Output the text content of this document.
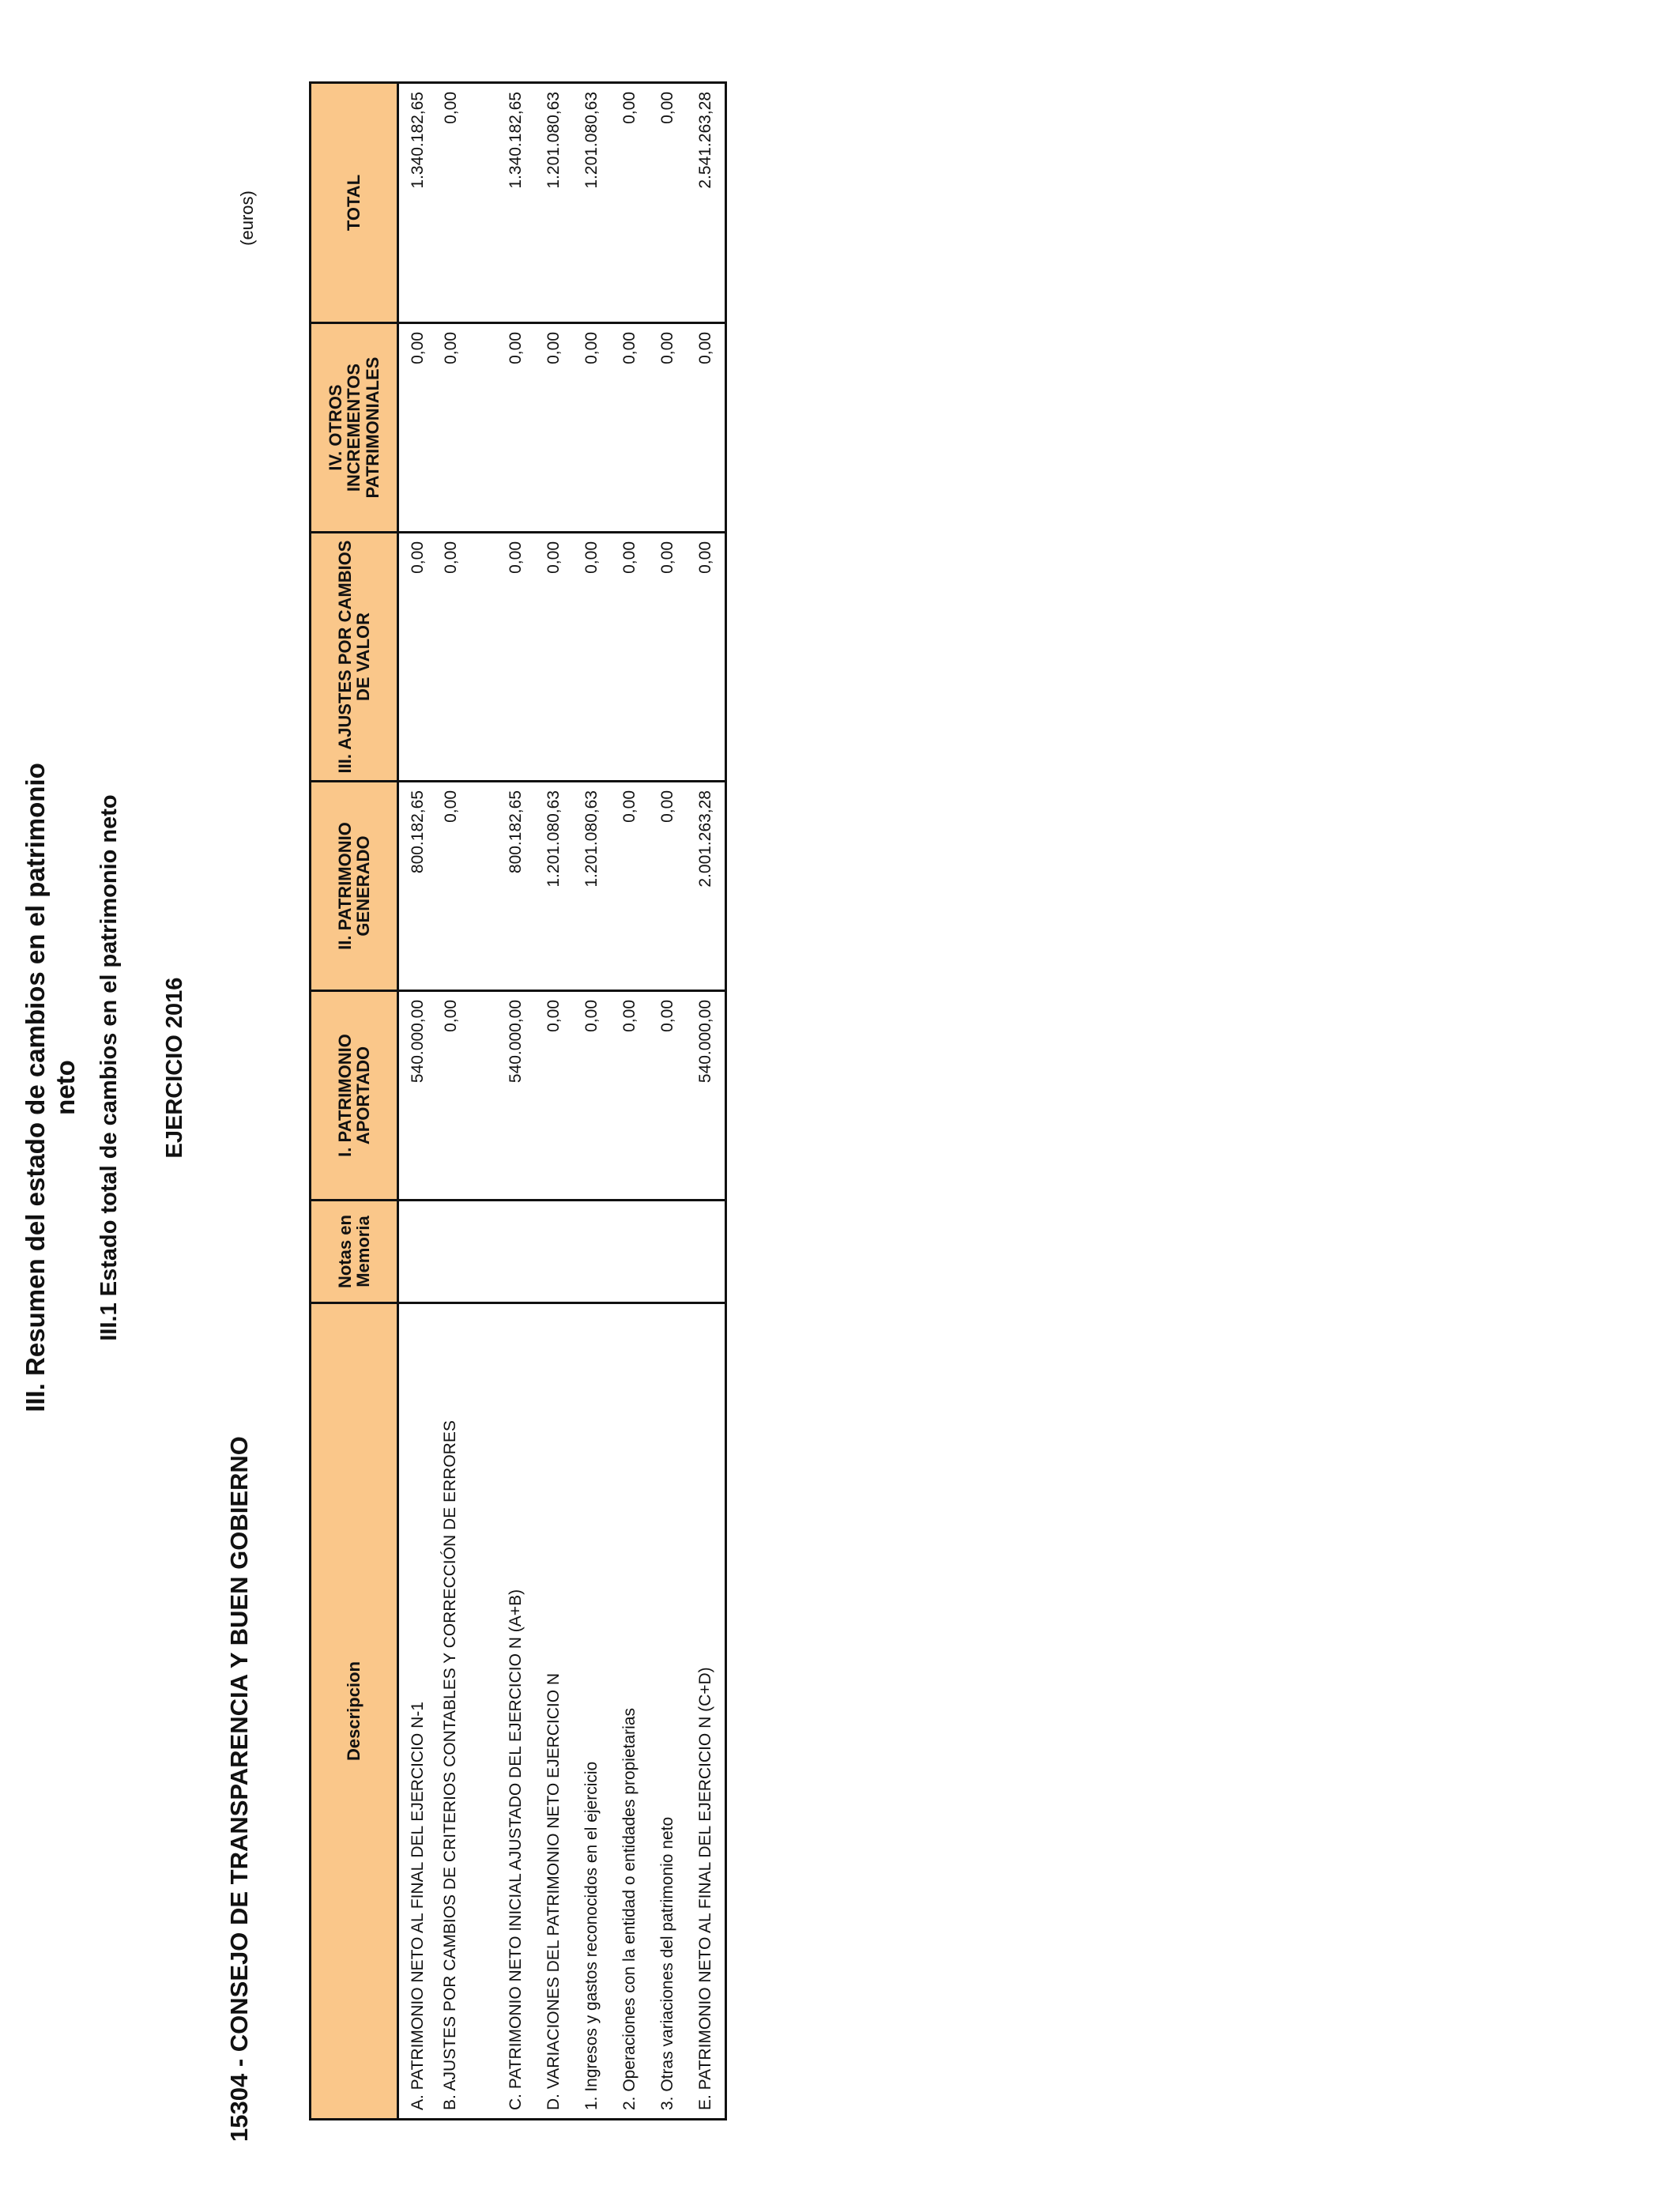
III. Resumen del estado de cambios en el patrimonio neto III.1 Estado total de cambios en el patrimonio neto EJERCICIO 2016
15304 - CONSEJO DE TRANSPARENCIA Y BUEN GOBIERNO
(euros)
Descripcion	Notas en Memoria	I. PATRIMONIO APORTADO	II. PATRIMONIO GENERADO	III. AJUSTES POR CAMBIOS DE VALOR	IV. OTROS INCREMENTOS PATRIMONIALES	TOTAL
A. PATRIMONIO NETO AL FINAL DEL EJERCICIO N-1		540.000,00	800.182,65	0,00	0,00	1.340.182,65
B. AJUSTES POR CAMBIOS DE CRITERIOS CONTABLES Y CORRECCIÓN DE ERRORES		0,00	0,00	0,00	0,00	0,00
C. PATRIMONIO NETO INICIAL AJUSTADO DEL EJERCICIO N (A+B)		540.000,00	800.182,65	0,00	0,00	1.340.182,65
D. VARIACIONES DEL PATRIMONIO NETO EJERCICIO N		0,00	1.201.080,63	0,00	0,00	1.201.080,63
1. Ingresos y gastos reconocidos en el ejercicio		0,00	1.201.080,63	0,00	0,00	1.201.080,63
2. Operaciones con la entidad o entidades propietarias		0,00	0,00	0,00	0,00	0,00
3. Otras variaciones del patrimonio neto		0,00	0,00	0,00	0,00	0,00
E. PATRIMONIO NETO AL FINAL DEL EJERCICIO N (C+D)		540.000,00	2.001.263,28	0,00	0,00	2.541.263,28
